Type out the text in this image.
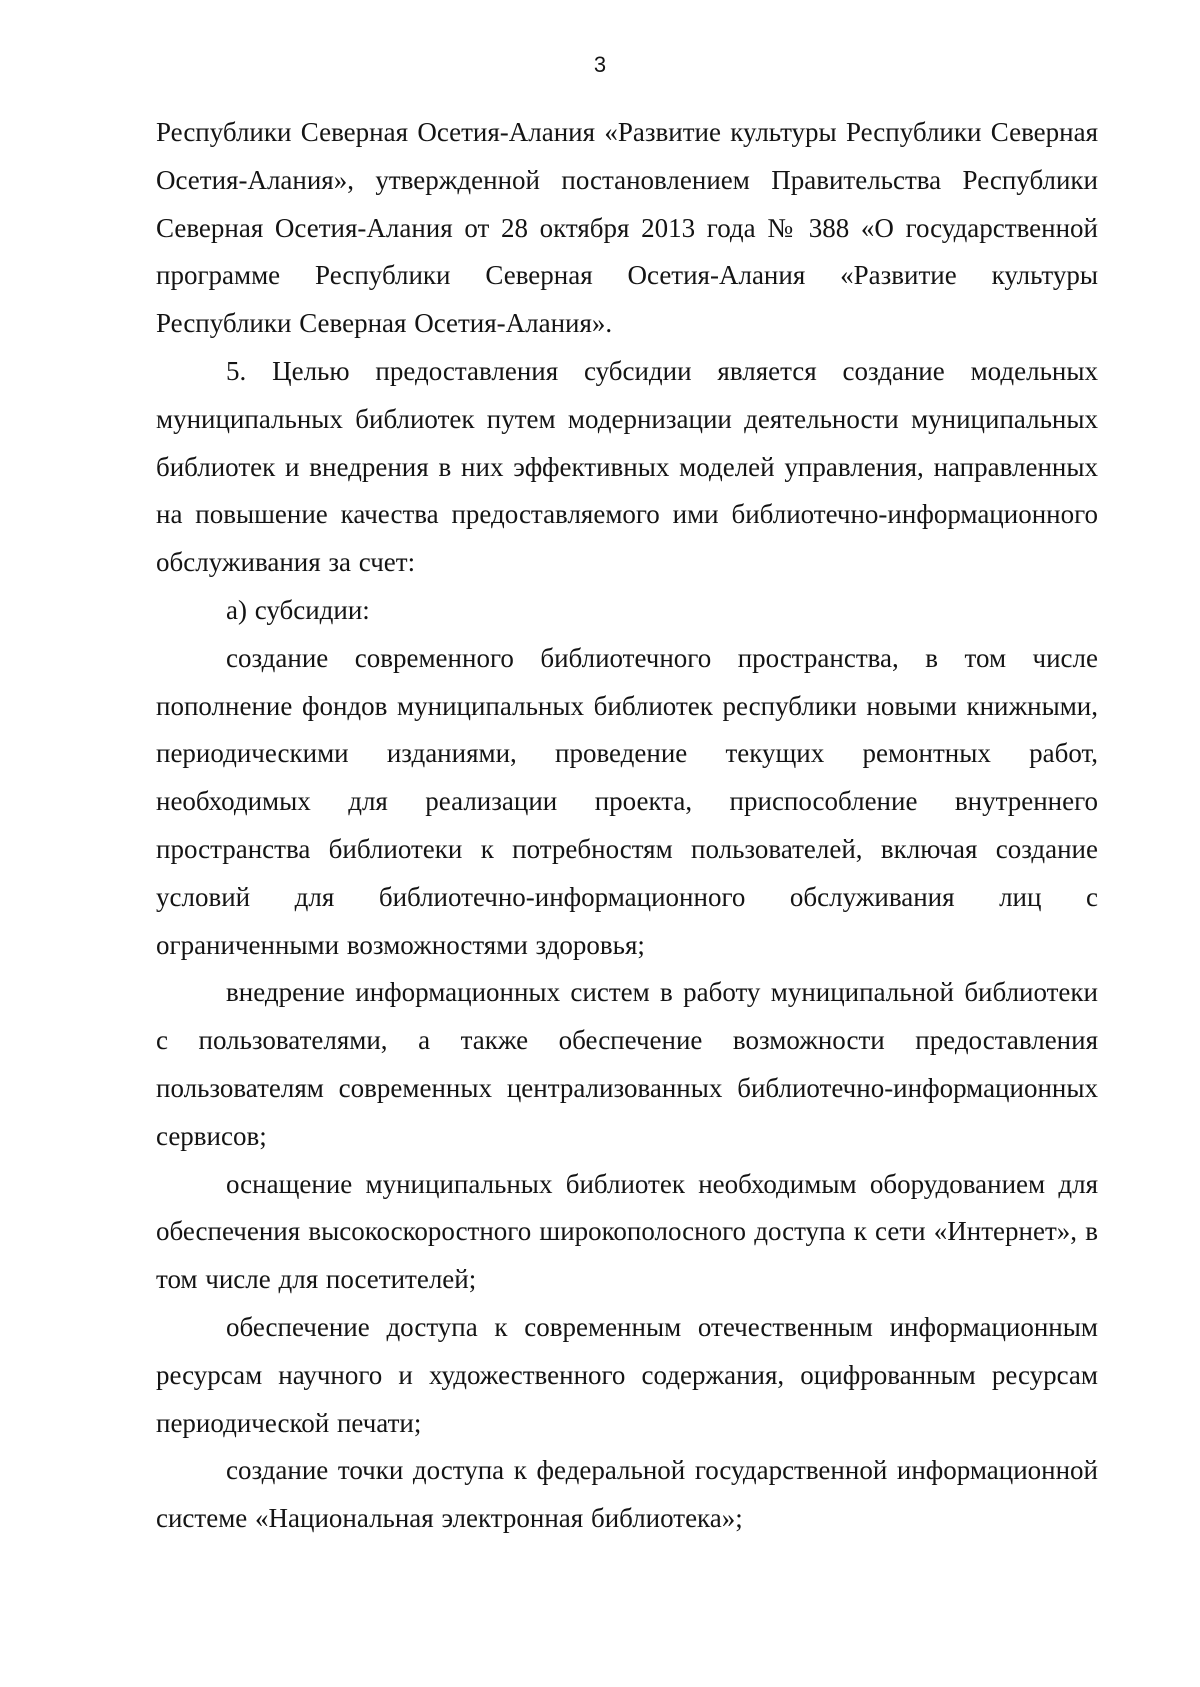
3

Республики Северная Осетия-Алания «Развитие культуры Республики Северная Осетия-Алания», утвержденной постановлением Правительства Республики Северная Осетия-Алания от 28 октября 2013 года № 388 «О государственной программе Республики Северная Осетия-Алания «Развитие культуры Республики Северная Осетия-Алания».

5. Целью предоставления субсидии является создание модельных муниципальных библиотек путем модернизации деятельности муниципальных библиотек и внедрения в них эффективных моделей управления, направленных на повышение качества предоставляемого ими библиотечно-информационного обслуживания за счет:

а) субсидии:

создание современного библиотечного пространства, в том числе пополнение фондов муниципальных библиотек республики новыми книжными, периодическими изданиями, проведение текущих ремонтных работ, необходимых для реализации проекта, приспособление внутреннего пространства библиотеки к потребностям пользователей, включая создание условий для библиотечно-информационного обслуживания лиц с ограниченными возможностями здоровья;

внедрение информационных систем в работу муниципальной библиотеки с пользователями, а также обеспечение возможности предоставления пользователям современных централизованных библиотечно-информационных сервисов;

оснащение муниципальных библиотек необходимым оборудованием для обеспечения высокоскоростного широкополосного доступа к сети «Интернет», в том числе для посетителей;

обеспечение доступа к современным отечественным информационным ресурсам научного и художественного содержания, оцифрованным ресурсам периодической печати;

создание точки доступа к федеральной государственной информационной системе «Национальная электронная библиотека»;
